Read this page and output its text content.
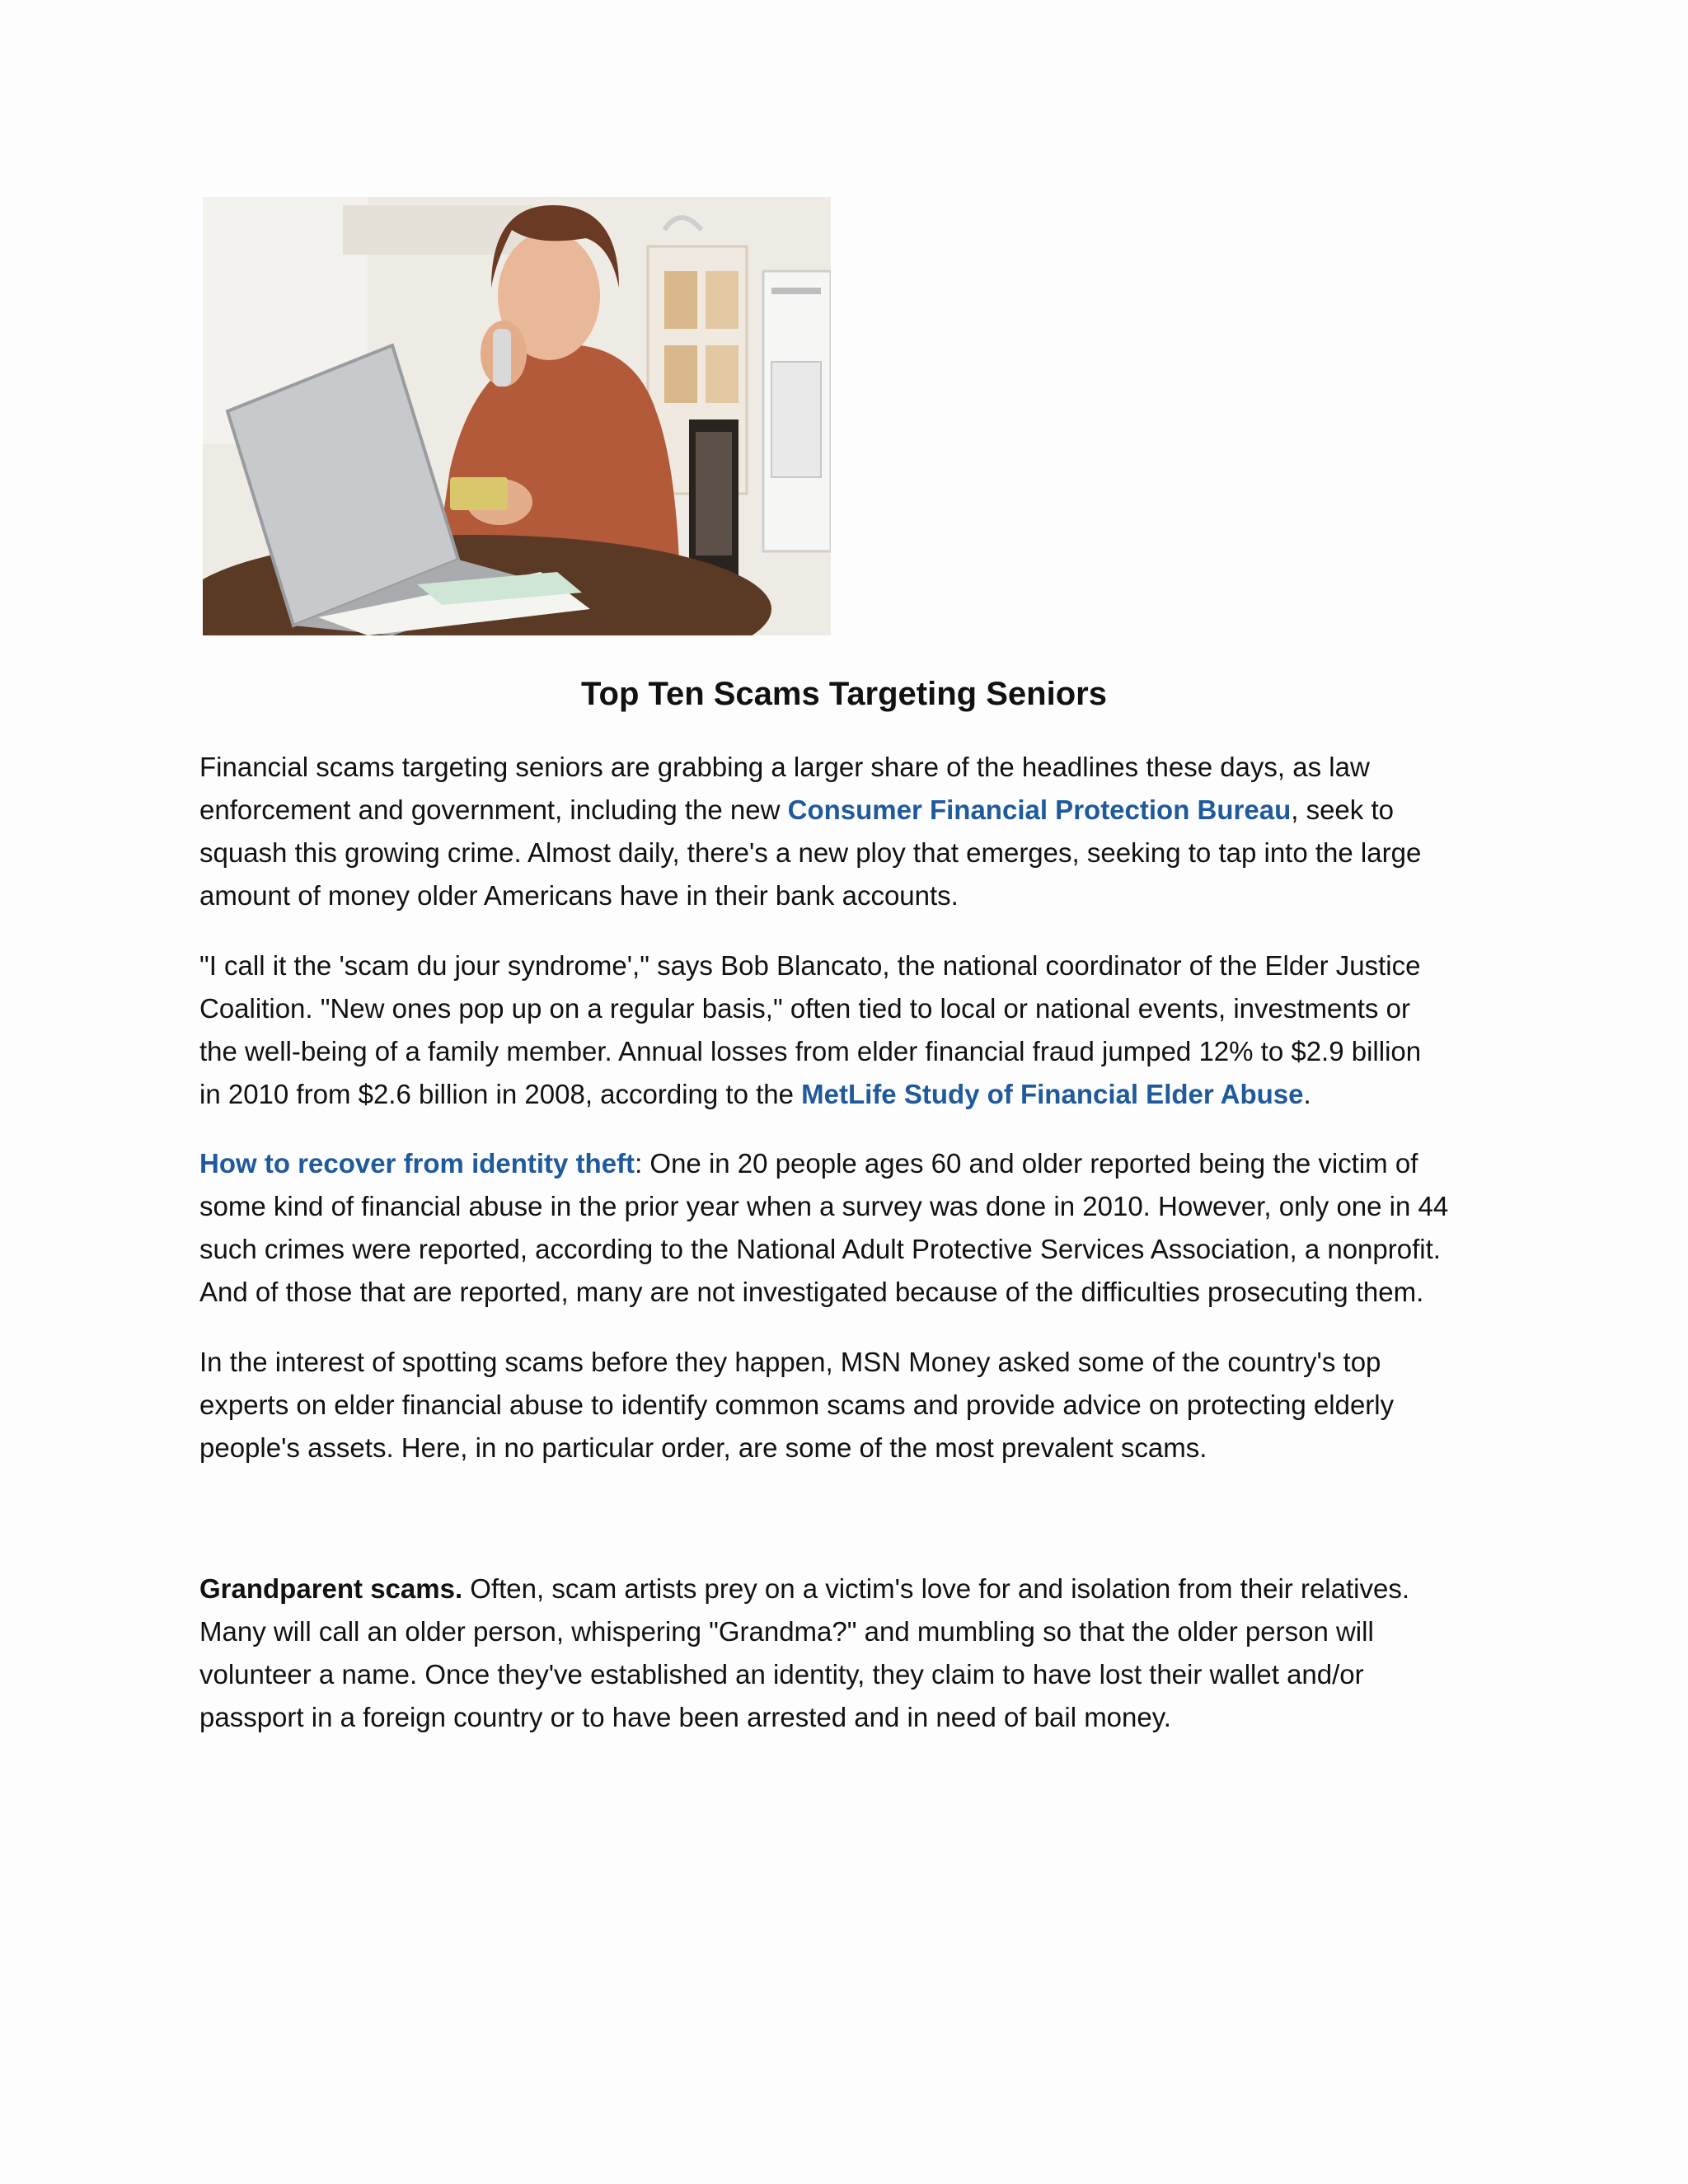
Top Ten Scams Targeting Seniors

Financial scams targeting seniors are grabbing a larger share of the headlines these days, as law
enforcement and government, including the new Consumer Financial Protection Bureau, seek to
squash this growing crime. Almost daily, there's a new ploy that emerges, seeking to tap into the large
amount of money older Americans have in their bank accounts.

"I call it the 'scam du jour syndrome'," says Bob Blancato, the national coordinator of the Elder Justice
Coalition. "New ones pop up on a regular basis," often tied to local or national events, investments or
the well-being of a family member. Annual losses from elder financial fraud jumped 12% to $2.9 billion
in 2010 from $2.6 billion in 2008, according to the MetLife Study of Financial Elder Abuse.

How to recover from identity theft: One in 20 people ages 60 and older reported being the victim of
some kind of financial abuse in the prior year when a survey was done in 2010. However, only one in 44
such crimes were reported, according to the National Adult Protective Services Association, a nonprofit.
And of those that are reported, many are not investigated because of the difficulties prosecuting them.

In the interest of spotting scams before they happen, MSN Money asked some of the country's top
experts on elder financial abuse to identify common scams and provide advice on protecting elderly
people's assets. Here, in no particular order, are some of the most prevalent scams.

Grandparent scams. Often, scam artists prey on a victim's love for and isolation from their relatives.
Many will call an older person, whispering "Grandma?" and mumbling so that the older person will
volunteer a name. Once they've established an identity, they claim to have lost their wallet and/or
passport in a foreign country or to have been arrested and in need of bail money.
